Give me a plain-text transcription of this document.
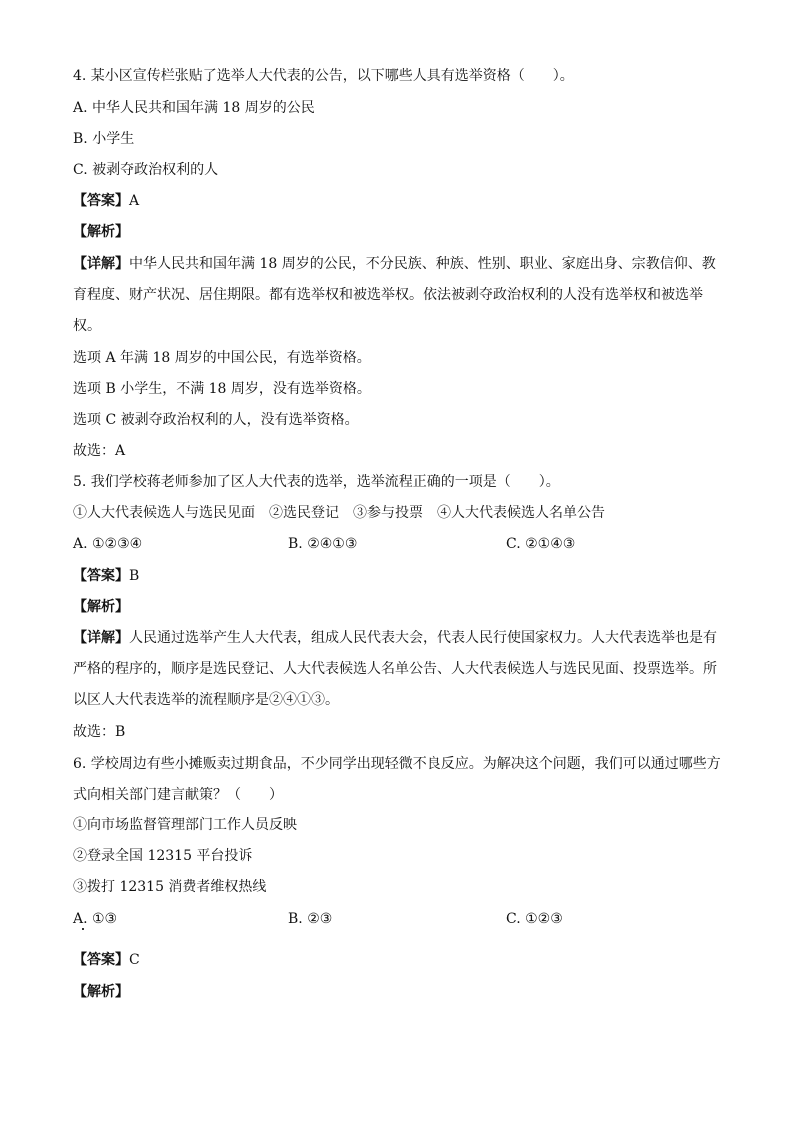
4. 某小区宣传栏张贴了选举人大代表的公告，以下哪些人具有选举资格（　　）。
A. 中华人民共和国年满 18 周岁的公民
B. 小学生
C. 被剥夺政治权利的人
【答案】A
【解析】
【详解】中华人民共和国年满 18 周岁的公民，不分民族、种族、性别、职业、家庭出身、宗教信仰、教育程度、财产状况、居住期限。都有选举权和被选举权。依法被剥夺政治权利的人没有选举权和被选举权。
选项 A 年满 18 周岁的中国公民，有选举资格。
选项 B 小学生，不满 18 周岁，没有选举资格。
选项 C 被剥夺政治权利的人，没有选举资格。
故选：A
5. 我们学校蒋老师参加了区人大代表的选举，选举流程正确的一项是（　　）。
①人大代表候选人与选民见面　②选民登记　③参与投票　④人大代表候选人名单公告
A. ①②③④	B. ②④①③	C. ②①④③
【答案】B
【解析】
【详解】人民通过选举产生人大代表，组成人民代表大会，代表人民行使国家权力。人大代表选举也是有严格的程序的，顺序是选民登记、人大代表候选人名单公告、人大代表候选人与选民见面、投票选举。所以区人大代表选举的流程顺序是②④①③。
故选：B
6. 学校周边有些小摊贩卖过期食品，不少同学出现轻微不良反应。为解决这个问题，我们可以通过哪些方式向相关部门建言献策？（　　）
①向市场监督管理部门工作人员反映
②登录全国 12315 平台投诉
③拨打 12315 消费者维权热线
A. ①③	B. ②③	C. ①②③
【答案】C
【解析】
